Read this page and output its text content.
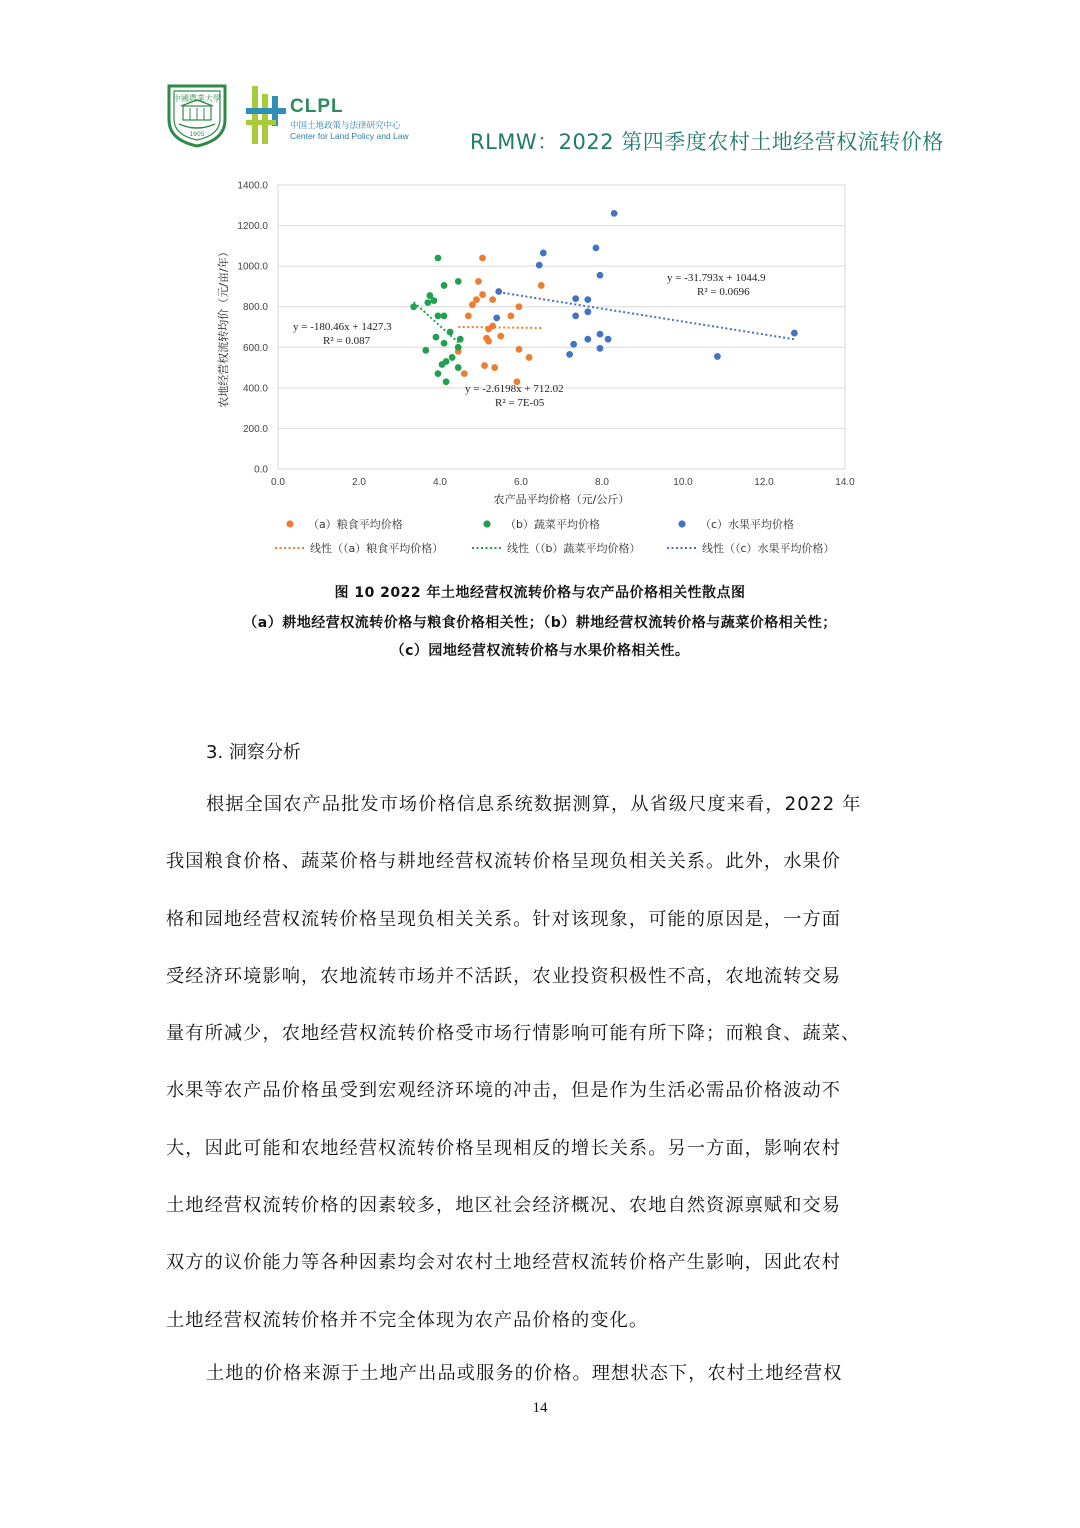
中國農業大學
1905
CLPL
中国土地政策与法律研究中心
Center for Land Policy and Law	RLMW：2022 第四季度农村土地经营权流转价格
0.0
200.0
400.0
600.0
800.0
1000.0
1200.0
1400.0
0.0	2.0	4.0	6.0	8.0	10.0	12.0	14.0
农产品平均价格（元/公斤）
农地经营权流转均价（元/亩/年）	y = -2.6198x + 712.02
R² = 7E-05
y = -180.46x + 1427.3
R² = 0.087
y = -31.793x + 1044.9
R² = 0.0696
（a）粮食平均价格	（b）蔬菜平均价格	（c）水果平均价格
线性（（a）粮食平均价格）	线性（（b）蔬菜平均价格）	线性（（c）水果平均价格）
图 10 2022 年土地经营权流转价格与农产品价格相关性散点图
（a）耕地经营权流转价格与粮食价格相关性；（b）耕地经营权流转价格与蔬菜价格相关性；
（c）园地经营权流转价格与水果价格相关性。
3. 洞察分析
根据全国农产品批发市场价格信息系统数据测算，从省级尺度来看，2022 年
我国粮食价格、蔬菜价格与耕地经营权流转价格呈现负相关关系。此外，水果价
格和园地经营权流转价格呈现负相关关系。针对该现象，可能的原因是，一方面
受经济环境影响，农地流转市场并不活跃，农业投资积极性不高，农地流转交易
量有所减少，农地经营权流转价格受市场行情影响可能有所下降；而粮食、蔬菜、
水果等农产品价格虽受到宏观经济环境的冲击，但是作为生活必需品价格波动不
大，因此可能和农地经营权流转价格呈现相反的增长关系。另一方面，影响农村
土地经营权流转价格的因素较多，地区社会经济概况、农地自然资源禀赋和交易
双方的议价能力等各种因素均会对农村土地经营权流转价格产生影响，因此农村
土地经营权流转价格并不完全体现为农产品价格的变化。
土地的价格来源于土地产出品或服务的价格。理想状态下，农村土地经营权
14
